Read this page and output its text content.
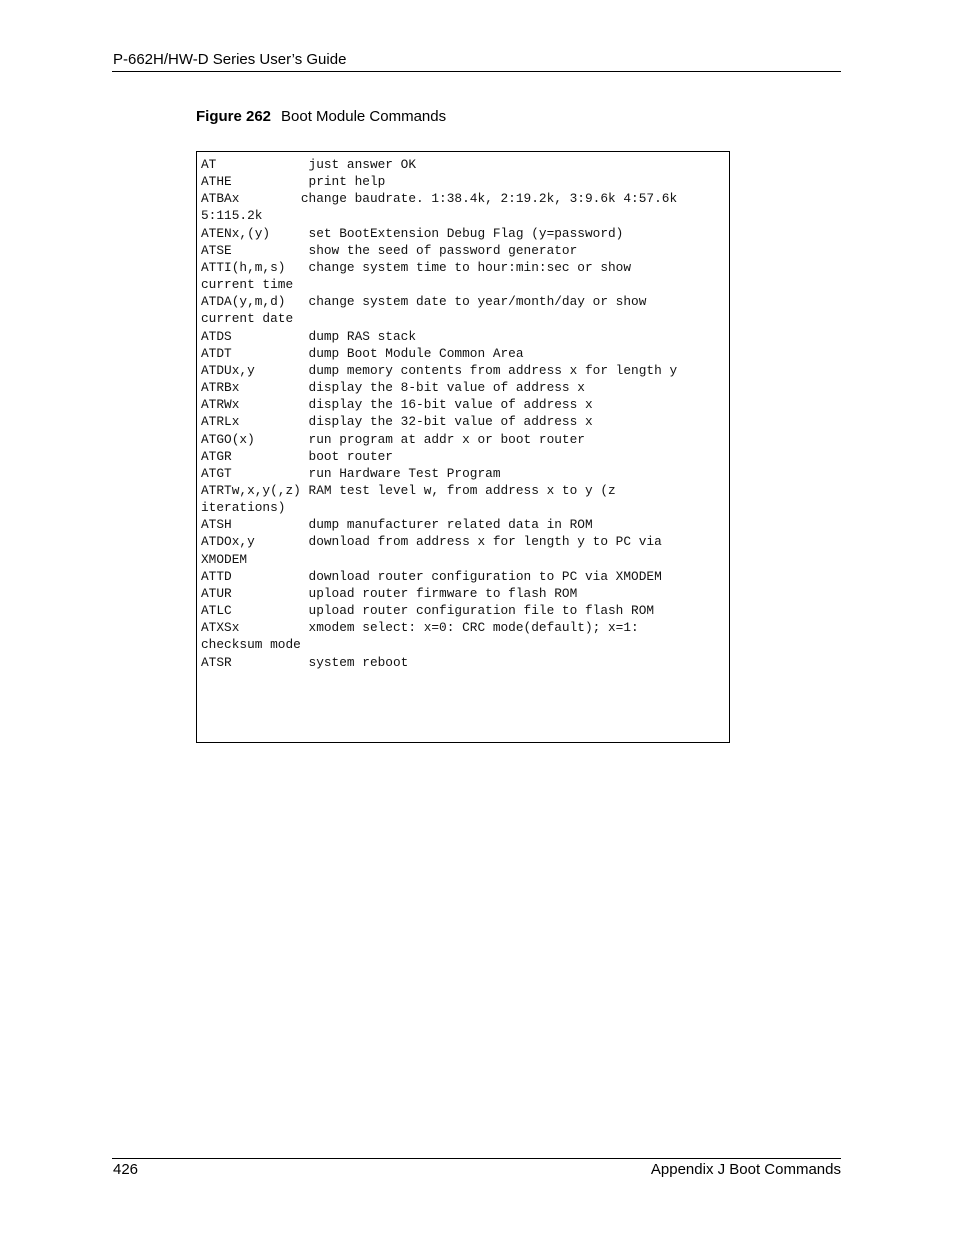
P-662H/HW-D Series User’s Guide
Figure 262 Boot Module Commands
AT            just answer OK
ATHE          print help
ATBAx        change baudrate. 1:38.4k, 2:19.2k, 3:9.6k 4:57.6k
5:115.2k
ATENx,(y)     set BootExtension Debug Flag (y=password)
ATSE          show the seed of password generator
ATTI(h,m,s)   change system time to hour:min:sec or show
current time
ATDA(y,m,d)   change system date to year/month/day or show
current date
ATDS          dump RAS stack
ATDT          dump Boot Module Common Area
ATDUx,y       dump memory contents from address x for length y
ATRBx         display the 8-bit value of address x
ATRWx         display the 16-bit value of address x
ATRLx         display the 32-bit value of address x
ATGO(x)       run program at addr x or boot router
ATGR          boot router
ATGT          run Hardware Test Program
ATRTw,x,y(,z) RAM test level w, from address x to y (z
iterations)
ATSH          dump manufacturer related data in ROM
ATDOx,y       download from address x for length y to PC via
XMODEM
ATTD          download router configuration to PC via XMODEM
ATUR          upload router firmware to flash ROM
ATLC          upload router configuration file to flash ROM
ATXSx         xmodem select: x=0: CRC mode(default); x=1:
checksum mode
ATSR          system reboot
426	Appendix J Boot Commands
